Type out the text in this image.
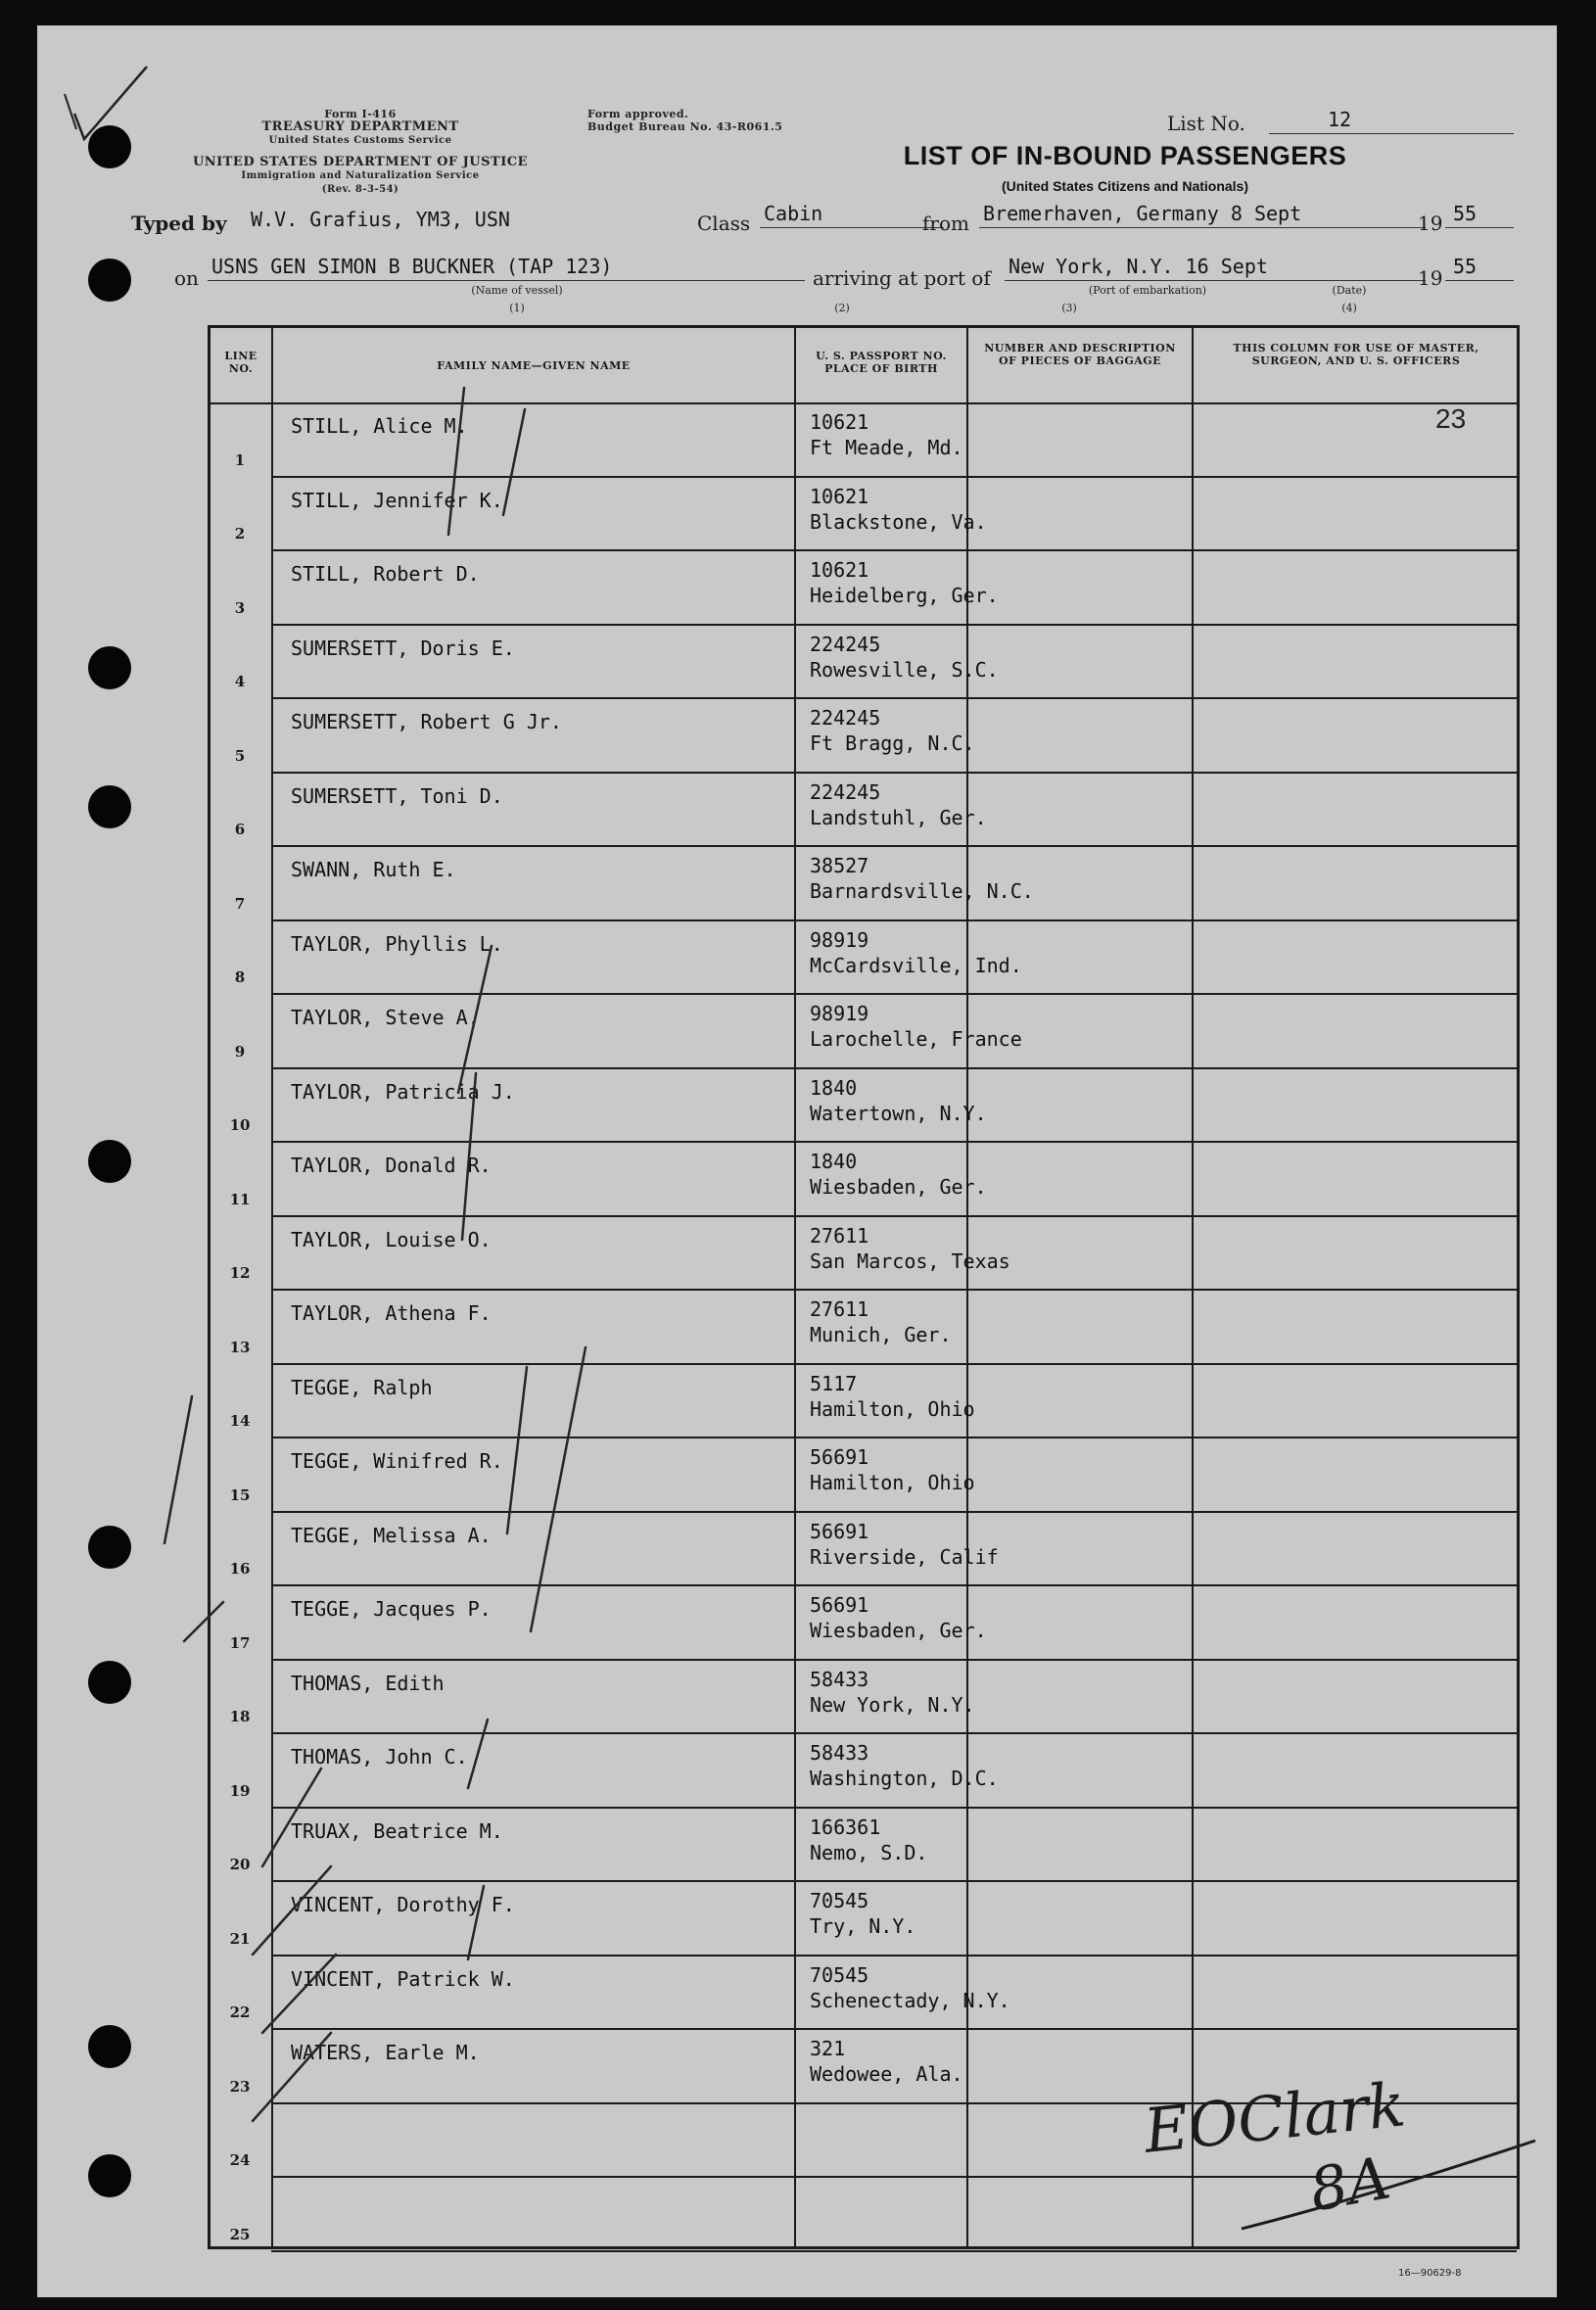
Form I-416
TREASURY DEPARTMENT
United States Customs Service
UNITED STATES DEPARTMENT OF JUSTICE
Immigration and Naturalization Service
(Rev. 8-3-54)
Form approved.
Budget Bureau No. 43-R061.5	List No.	12
LIST OF IN-BOUND PASSENGERS
(United States Citizens and Nationals)
Typed by W.V. Grafius, YM3, USN	Class Cabin	from Bremerhaven, Germany 8 Sept	19 55
on USNS GEN SIMON B BUCKNER (TAP 123)	arriving at port of New York, N.Y. 16 Sept	19 55
(Name of vessel)
(1)	(2)
(Port of embarkation)
(3)
(Date)
(4)
LINE NO.	FAMILY NAME—GIVEN NAME
U. S. PASSPORT NO. PLACE OF BIRTH
NUMBER AND DESCRIPTION OF PIECES OF BAGGAGE
THIS COLUMN FOR USE OF MASTER, SURGEON, AND U. S. OFFICERS
1
STILL, Alice M.	10621
Ft Meade, Md.
2
STILL, Jennifer K.	10621
Blackstone, Va.
3
STILL, Robert D.	10621
Heidelberg, Ger.
4
SUMERSETT, Doris E.	224245
Rowesville, S.C.
5
SUMERSETT, Robert G Jr.	224245
Ft Bragg, N.C.
6
SUMERSETT, Toni D.	224245
Landstuhl, Ger.
7
SWANN, Ruth E.	38527
Barnardsville, N.C.
8
TAYLOR, Phyllis L.	98919
McCardsville, Ind.
9
TAYLOR, Steve A.	98919
Larochelle, France
10
TAYLOR, Patricia J.	1840
Watertown, N.Y.
11
TAYLOR, Donald R.	1840
Wiesbaden, Ger.
12
TAYLOR, Louise O.	27611
San Marcos, Texas
13
TAYLOR, Athena F.	27611
Munich, Ger.
14
TEGGE, Ralph	5117
Hamilton, Ohio
15
TEGGE, Winifred R.	56691
Hamilton, Ohio
16
TEGGE, Melissa A.	56691
Riverside, Calif
17
TEGGE, Jacques P.	56691
Wiesbaden, Ger.
18
THOMAS, Edith	58433
New York, N.Y.
19
THOMAS, John C.	58433
Washington, D.C.
20
TRUAX, Beatrice M.	166361
Nemo, S.D.
21
VINCENT, Dorothy F.	70545
Try, N.Y.
22
VINCENT, Patrick W.	70545
Schenectady, N.Y.
23
WATERS, Earle M.	321
Wedowee, Ala.
24
25
23
EOClark
8A
16—90629-8
